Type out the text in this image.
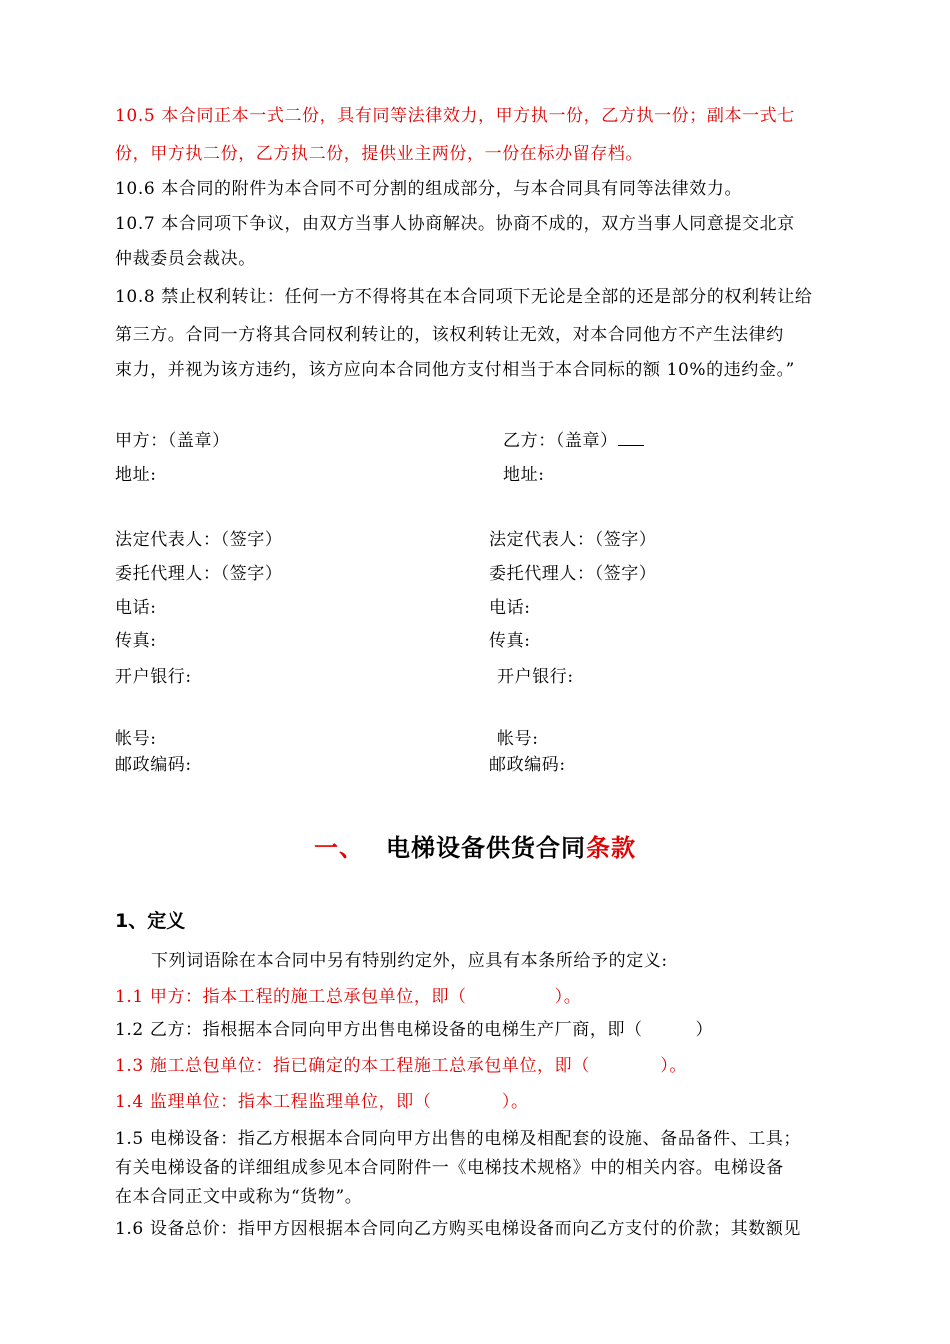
10.5 本合同正本一式二份，具有同等法律效力，甲方执一份，乙方执一份；副本一式七
份，甲方执二份，乙方执二份，提供业主两份，一份在标办留存档。
10.6 本合同的附件为本合同不可分割的组成部分，与本合同具有同等法律效力。
10.7 本合同项下争议，由双方当事人协商解决。协商不成的，双方当事人同意提交北京
仲裁委员会裁决。
10.8 禁止权利转让：任何一方不得将其在本合同项下无论是全部的还是部分的权利转让给
第三方。合同一方将其合同权利转让的，该权利转让无效，对本合同他方不产生法律约
束力，并视为该方违约，该方应向本合同他方支付相当于本合同标的额 10%的违约金。”
甲方：（盖章）	乙方：（盖章）
地址:	地址:
法定代表人：（签字）	法定代表人：（签字）
委托代理人：（签字）	委托代理人：（签字）
电话:	电话:
传真:	传真:
开户银行:	开户银行:
帐号:	帐号:
邮政编码:	邮政编码:
一、 电梯设备供货合同条款
1、定义
下列词语除在本合同中另有特别约定外，应具有本条所给予的定义:
1.1 甲方：指本工程的施工总承包单位，即（　　　　　）。
1.2 乙方：指根据本合同向甲方出售电梯设备的电梯生产厂商，即（　　　）
1.3 施工总包单位：指已确定的本工程施工总承包单位，即（　　　　）。
1.4 监理单位：指本工程监理单位，即（　　　　）。
1.5 电梯设备：指乙方根据本合同向甲方出售的电梯及相配套的设施、备品备件、工具；
有关电梯设备的详细组成参见本合同附件一《电梯技术规格》中的相关内容。电梯设备
在本合同正文中或称为“货物”。
1.6 设备总价：指甲方因根据本合同向乙方购买电梯设备而向乙方支付的价款；其数额见
